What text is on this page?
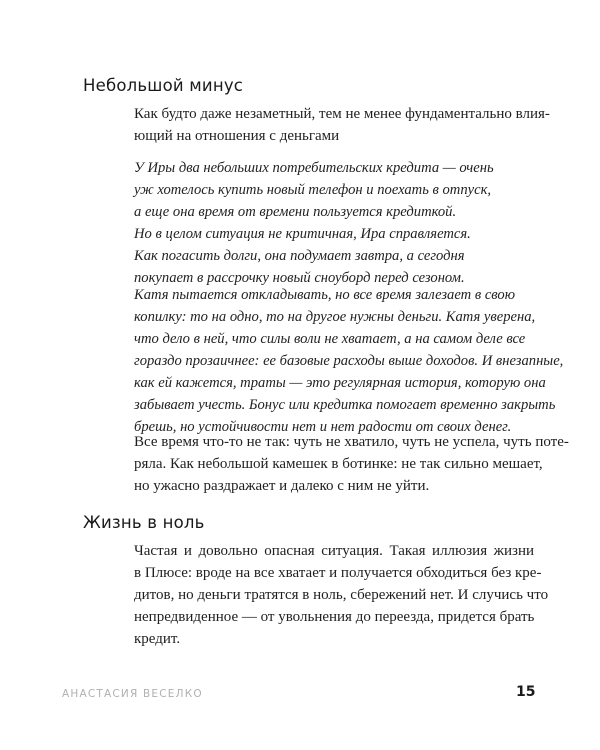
Небольшой минус

Как будто даже незаметный, тем не менее фундаментально влия-
ющий на отношения с деньгами

У Иры два небольших потребительских кредита — очень
уж хотелось купить новый телефон и поехать в отпуск,
а еще она время от времени пользуется кредиткой.
Но в целом ситуация не критичная, Ира справляется.
Как погасить долги, она подумает завтра, а сегодня
покупает в рассрочку новый сноуборд перед сезоном.

Катя пытается откладывать, но все время залезает в свою
копилку: то на одно, то на другое нужны деньги. Катя уверена,
что дело в ней, что силы воли не хватает, а на самом деле все
гораздо прозаичнее: ее базовые расходы выше доходов. И внезапные,
как ей кажется, траты — это регулярная история, которую она
забывает учесть. Бонус или кредитка помогает временно закрыть
брешь, но устойчивости нет и нет радости от своих денег.

Все время что-то не так: чуть не хватило, чуть не успела, чуть поте-
ряла. Как небольшой камешек в ботинке: не так сильно мешает,
но ужасно раздражает и далеко с ним не уйти.

Жизнь в ноль

Частая и довольно опасная ситуация. Такая иллюзия жизни
в Плюсе: вроде на все хватает и получается обходиться без кре-
дитов, но деньги тратятся в ноль, сбережений нет. И случись что
непредвиденное — от увольнения до переезда, придется брать
кредит.

АНАСТАСИЯ ВЕСЕЛКО	15
